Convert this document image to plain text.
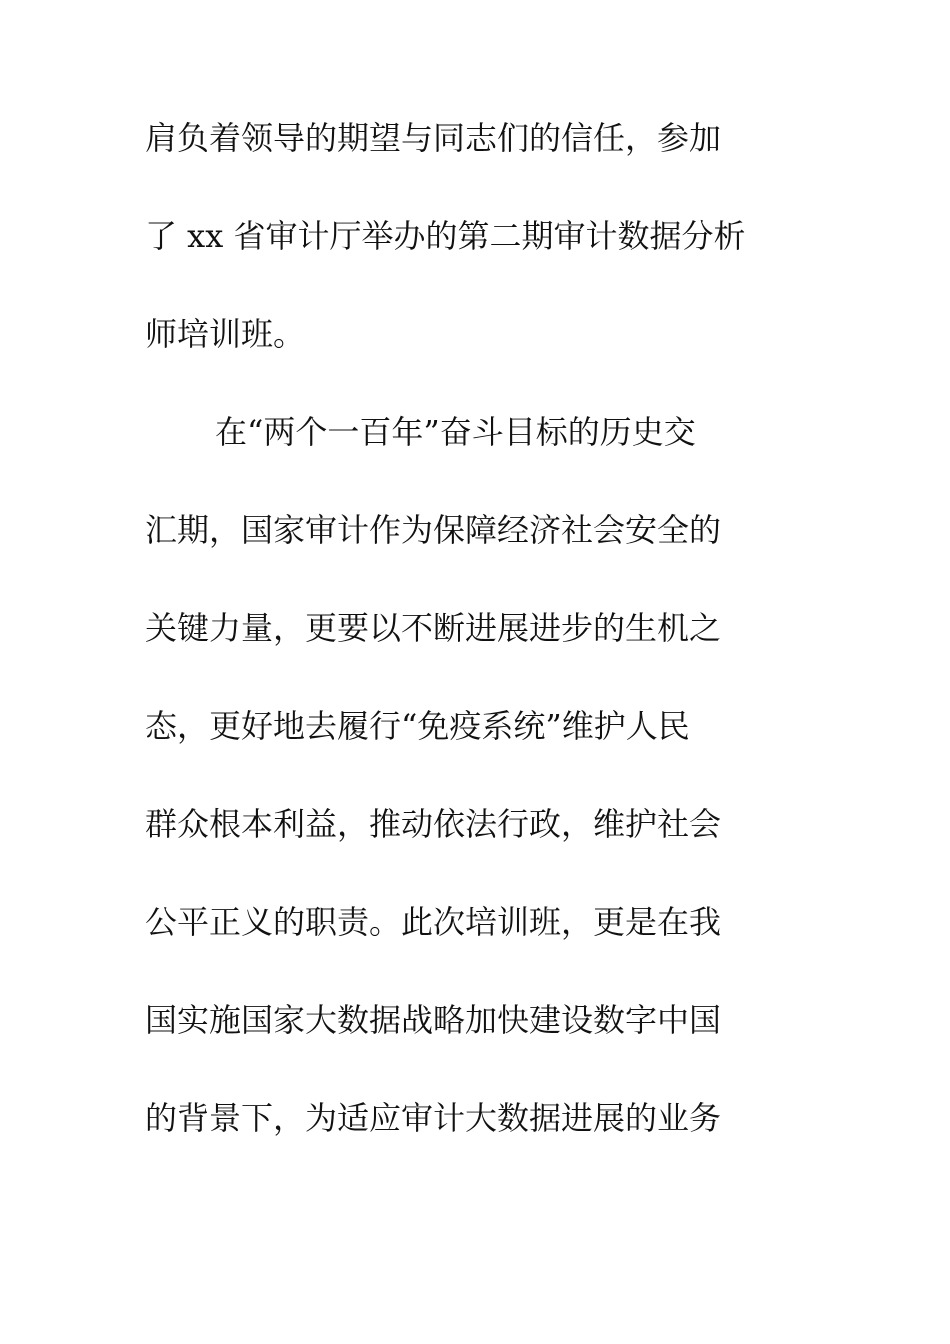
肩负着领导的期望与同志们的信任，参加
了 xx 省审计厅举办的第二期审计数据分析
师培训班。
在“两个一百年”奋斗目标的历史交
汇期，国家审计作为保障经济社会安全的
关键力量，更要以不断进展进步的生机之
态，更好地去履行“免疫系统”维护人民
群众根本利益，推动依法行政，维护社会
公平正义的职责。此次培训班，更是在我
国实施国家大数据战略加快建设数字中国
的背景下，为适应审计大数据进展的业务
